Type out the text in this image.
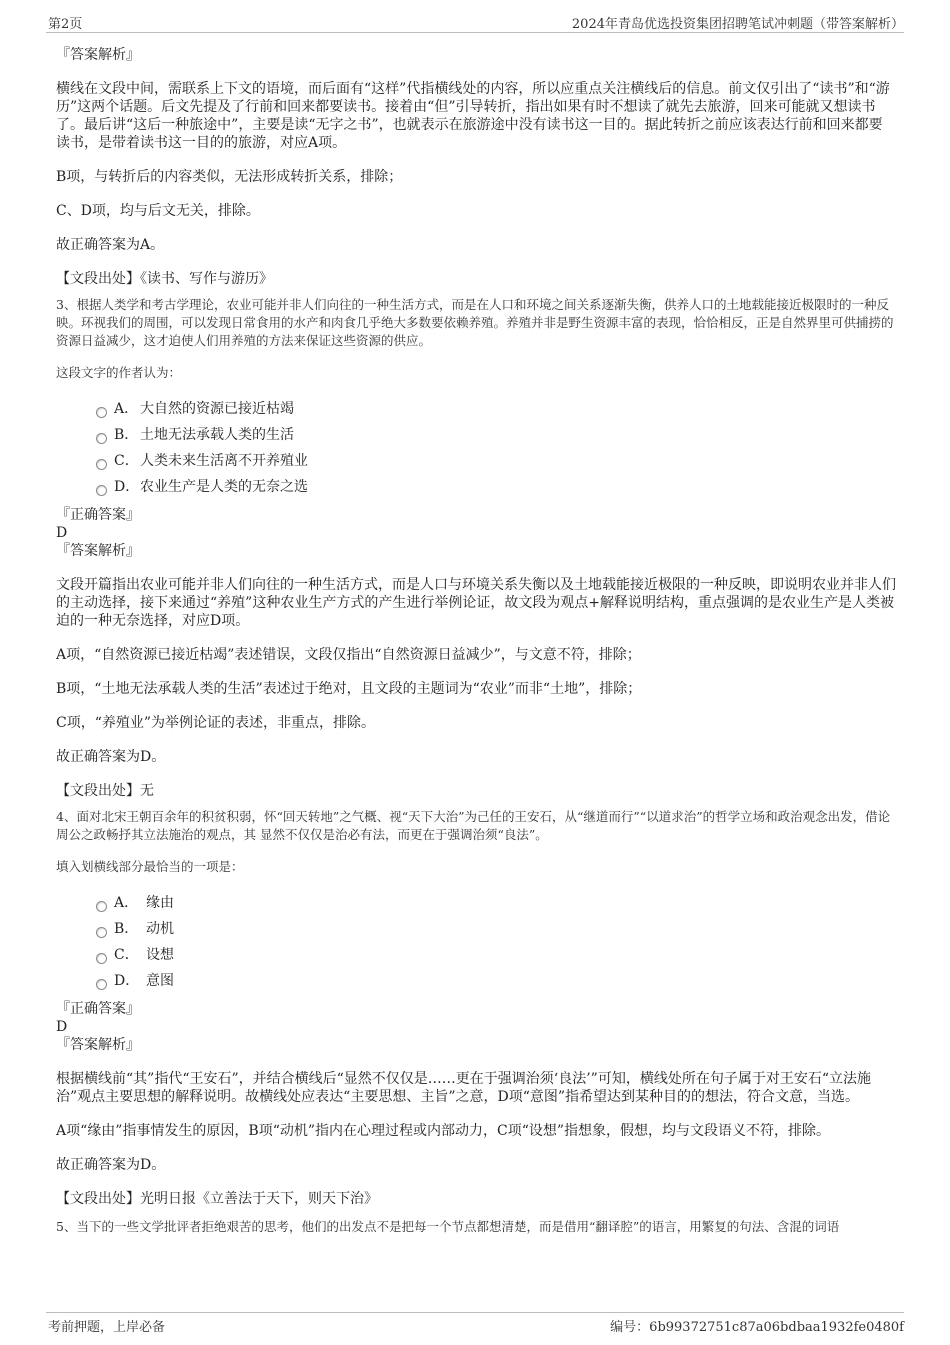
第2页	2024年青岛优选投资集团招聘笔试冲刺题（带答案解析）

『答案解析』

横线在文段中间，需联系上下文的语境，而后面有“这样”代指横线处的内容，所以应重点关注横线后的信息。前文仅引出了“读书”和“游历”这两个话题。后文先提及了行前和回来都要读书。接着由“但”引导转折，指出如果有时不想读了就先去旅游，回来可能就又想读书了。最后讲“这后一种旅途中”，主要是读“无字之书”，也就表示在旅游途中没有读书这一目的。据此转折之前应该表达行前和回来都要读书，是带着读书这一目的的旅游，对应A项。

B项，与转折后的内容类似，无法形成转折关系，排除；

C、D项，均与后文无关，排除。

故正确答案为A。

【文段出处】《读书、写作与游历》

3、根据人类学和考古学理论，农业可能并非人们向往的一种生活方式，而是在人口和环境之间关系逐渐失衡，供养人口的土地载能接近极限时的一种反映。环视我们的周围，可以发现日常食用的水产和肉食几乎绝大多数要依赖养殖。养殖并非是野生资源丰富的表现，恰恰相反，正是自然界里可供捕捞的资源日益减少，这才迫使人们用养殖的方法来保证这些资源的供应。

这段文字的作者认为：

A． 大自然的资源已接近枯竭
B． 土地无法承载人类的生活
C． 人类未来生活离不开养殖业
D． 农业生产是人类的无奈之选

『正确答案』

D

『答案解析』

文段开篇指出农业可能并非人们向往的一种生活方式，而是人口与环境关系失衡以及土地载能接近极限的一种反映，即说明农业并非人们的主动选择，接下来通过“养殖”这种农业生产方式的产生进行举例论证，故文段为观点+解释说明结构，重点强调的是农业生产是人类被迫的一种无奈选择，对应D项。

A项，“自然资源已接近枯竭”表述错误，文段仅指出“自然资源日益减少”，与文意不符，排除；

B项，“土地无法承载人类的生活”表述过于绝对，且文段的主题词为“农业”而非“土地”，排除；

C项，“养殖业”为举例论证的表述，非重点，排除。

故正确答案为D。

【文段出处】无

4、面对北宋王朝百余年的积贫积弱，怀“回天转地”之气概、视“天下大治”为己任的王安石，从“继道而行”“以道求治”的哲学立场和政治观念出发，借论周公之政畅抒其立法施治的观点，其 显然不仅仅是治必有法，而更在于强调治须“良法”。

填入划横线部分最恰当的一项是：

A． 缘由
B． 动机
C． 设想
D． 意图

『正确答案』

D

『答案解析』

根据横线前“其”指代“王安石”，并结合横线后“显然不仅仅是……更在于强调治须‘良法’”可知，横线处所在句子属于对王安石“立法施治”观点主要思想的解释说明。故横线处应表达“主要思想、主旨”之意，D项“意图”指希望达到某种目的的想法，符合文意，当选。

A项“缘由”指事情发生的原因，B项“动机”指内在心理过程或内部动力，C项“设想”指想象，假想，均与文段语义不符，排除。

故正确答案为D。

【文段出处】光明日报《立善法于天下，则天下治》

5、当下的一些文学批评者拒绝艰苦的思考，他们的出发点不是把每一个节点都想清楚，而是借用“翻译腔”的语言，用繁复的句法、含混的词语

考前押题，上岸必备	编号：6b99372751c87a06bdbaa1932fe0480f
